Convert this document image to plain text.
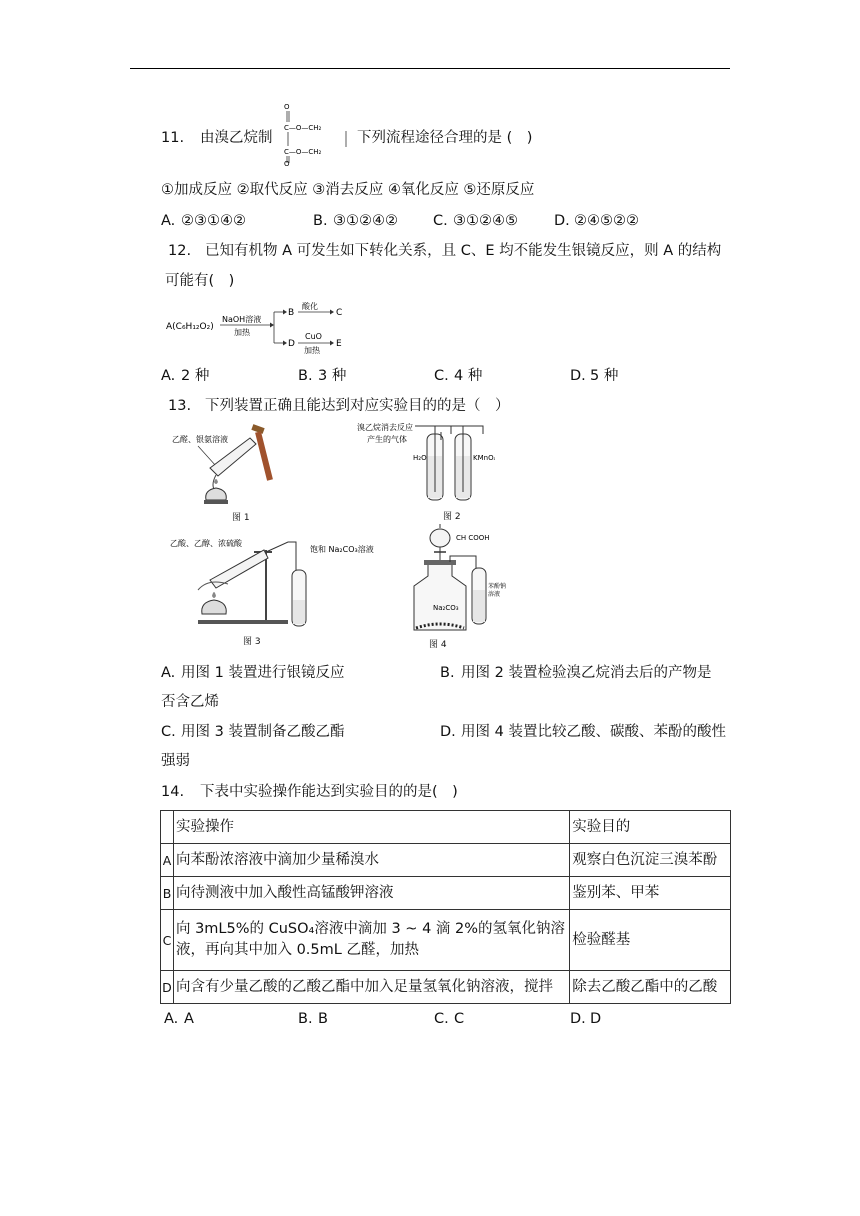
11. 由溴乙烷制
O
C—O—CH₂
C—O—CH₂
O
下列流程途径合理的是 (　)
①加成反应 ②取代反应 ③消去反应 ④氧化反应 ⑤还原反应
A. ②③①④②	B. ③①②④② C. ③①②④⑤ D. ②④⑤②②
12. 已知有机物 A 可发生如下转化关系，且 C、E 均不能发生银镜反应，则 A 的结构
可能有(　)
A(C₆H₁₂O₂)
NaOH溶液
加热
B
酸化
C
D
CuO
加热
E
A. 2 种	B. 3 种	C. 4 种	D. 5 种
13. 下列装置正确且能达到对应实验目的的是（　）
乙醛、银氨溶液
图 1
溴乙烷消去反应
产生的气体
H₂O	KMnO₄
图 2
乙酸、乙醇、浓硫酸
饱和 Na₂CO₃溶液
图 3
CH COOH
Na₂CO₃
苯酚钠
溶液
图 4
A. 用图 1 装置进行银镜反应	B. 用图 2 装置检验溴乙烷消去后的产物是
否含乙烯
C. 用图 3 装置制备乙酸乙酯	D. 用图 4 装置比较乙酸、碳酸、苯酚的酸性
强弱
14. 下表中实验操作能达到实验目的的是(　)
	实验操作	实验目的
A	向苯酚浓溶液中滴加少量稀溴水	观察白色沉淀三溴苯酚
B	向待测液中加入酸性高锰酸钾溶液	鉴别苯、甲苯
C	向 3mL5%的 CuSO₄溶液中滴加 3 ~ 4 滴 2%的氢氧化钠溶液，再向其中加入 0.5mL 乙醛，加热	检验醛基
D	向含有少量乙酸的乙酸乙酯中加入足量氢氧化钠溶液，搅拌	除去乙酸乙酯中的乙酸
A. A	B. B	C. C	D. D
